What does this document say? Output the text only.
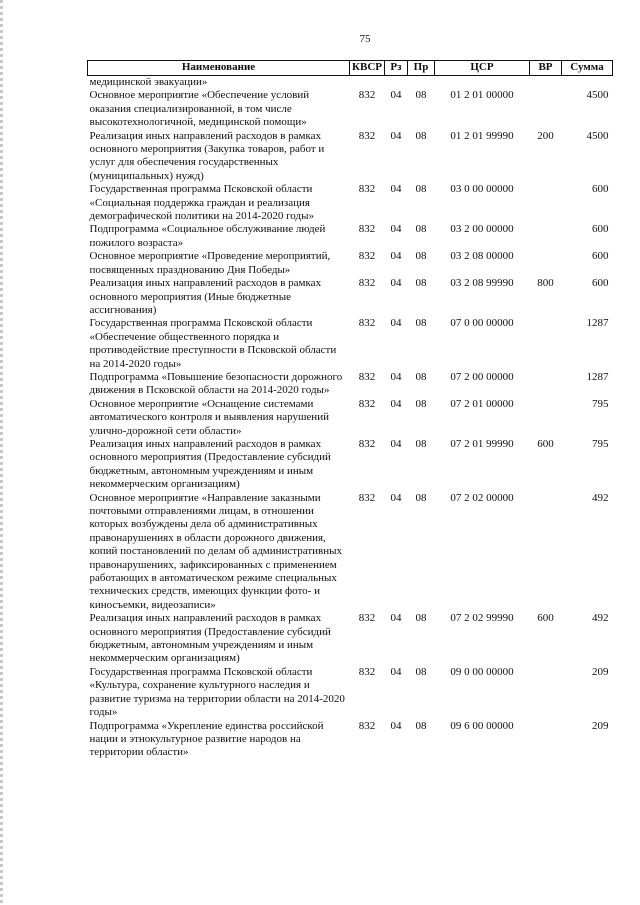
75
Наименование	КВСР	Рз	Пр	ЦСР	ВР	Сумма
медицинской эвакуации»						
Основное мероприятие «Обеспечение условий оказания специализированной, в том числе высокотехнологичной, медицинской помощи»	832	04	08	01 2 01 00000		4500
Реализация иных направлений расходов в рамках основного мероприятия (Закупка товаров, работ и услуг для обеспечения государственных (муниципальных) нужд)	832	04	08	01 2 01 99990	200	4500
Государственная программа Псковской области «Социальная поддержка граждан и реализация демографической политики на 2014-2020 годы»	832	04	08	03 0 00 00000		600
Подпрограмма «Социальное обслуживание людей пожилого возраста»	832	04	08	03 2 00 00000		600
Основное мероприятие «Проведение мероприятий, посвященных празднованию Дня Победы»	832	04	08	03 2 08 00000		600
Реализация иных направлений расходов в рамках основного мероприятия (Иные бюджетные ассигнования)	832	04	08	03 2 08 99990	800	600
Государственная программа Псковской области «Обеспечение общественного порядка и противодействие преступности в Псковской области на 2014-2020 годы»	832	04	08	07 0 00 00000		1287
Подпрограмма «Повышение безопасности дорожного движения в Псковской области на 2014-2020 годы»	832	04	08	07 2 00 00000		1287
Основное мероприятие «Оснащение системами автоматического контроля и выявления нарушений улично-дорожной сети области»	832	04	08	07 2 01 00000		795
Реализация иных направлений расходов в рамках основного мероприятия (Предоставление субсидий бюджетным, автономным учреждениям и иным некоммерческим организациям)	832	04	08	07 2 01 99990	600	795
Основное мероприятие «Направление заказными почтовыми отправлениями лицам, в отношении которых возбуждены дела об административных правонарушениях в области дорожного движения, копий постановлений по делам об административных правонарушениях, зафиксированных с применением работающих в автоматическом режиме специальных технических средств, имеющих функции фото- и киносъемки, видеозаписи»	832	04	08	07 2 02 00000		492
Реализация иных направлений расходов в рамках основного мероприятия (Предоставление субсидий бюджетным, автономным учреждениям и иным некоммерческим организациям)	832	04	08	07 2 02 99990	600	492
Государственная программа Псковской области «Культура, сохранение культурного наследия и развитие туризма на территории области на 2014-2020 годы»	832	04	08	09 0 00 00000		209
Подпрограмма «Укрепление единства российской нации и этнокультурное развитие народов на территории области»	832	04	08	09 6 00 00000		209
